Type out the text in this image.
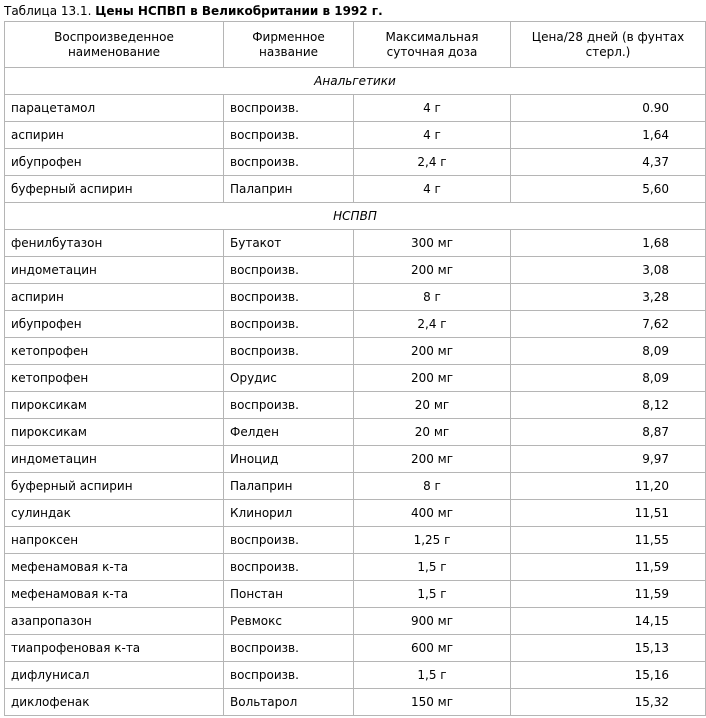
Таблица 13.1. Цены НСПВП в Великобритании в 1992 г.
Воспроизведенное наименование	Фирменное название	Максимальная суточная доза	Цена/28 дней (в фунтах стерл.)
Анальгетики			
парацетамол	воспроизв.	4 г	0.90
аспирин	воспроизв.	4 г	1,64
ибупрофен	воспроизв.	2,4 г	4,37
буферный аспирин	Палаприн	4 г	5,60
НСПВП			
фенилбутазон	Бутакот	300 мг	1,68
индометацин	воспроизв.	200 мг	3,08
аспирин	воспроизв.	8 г	3,28
ибупрофен	воспроизв.	2,4 г	7,62
кетопрофен	воспроизв.	200 мг	8,09
кетопрофен	Орудис	200 мг	8,09
пироксикам	воспроизв.	20 мг	8,12
пироксикам	Фелден	20 мг	8,87
индометацин	Иноцид	200 мг	9,97
буферный аспирин	Палаприн	8 г	11,20
сулиндак	Клинорил	400 мг	11,51
напроксен	воспроизв.	1,25 г	11,55
мефенамовая к-та	воспроизв.	1,5 г	11,59
мефенамовая к-та	Понстан	1,5 г	11,59
азапропазон	Ревмокс	900 мг	14,15
тиапрофеновая к-та	воспроизв.	600 мг	15,13
дифлунисал	воспроизв.	1,5 г	15,16
диклофенак	Вольтарол	150 мг	15,32
